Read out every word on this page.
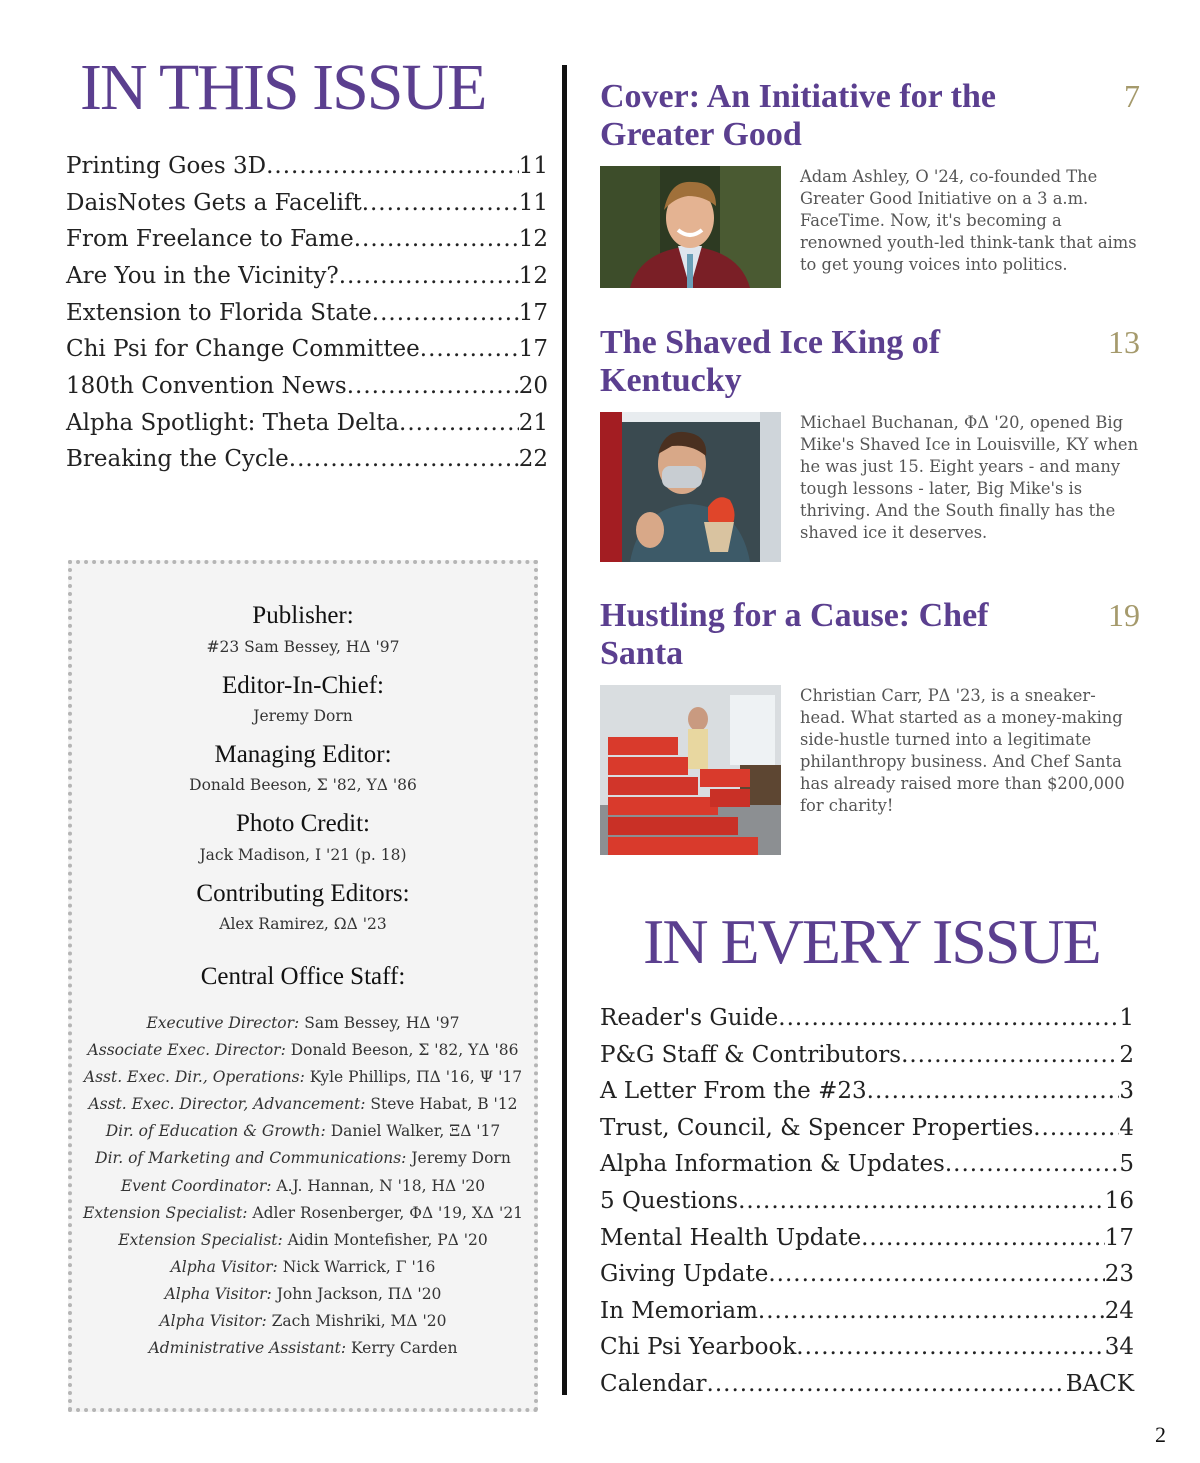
IN THIS ISSUE
Printing Goes 3D .....	11
DaisNotes Gets a Facelift .....	11
From Freelance to Fame .....	12
Are You in the Vicinity? .....	12
Extension to Florida State .....	17
Chi Psi for Change Committee .....	17
180th Convention News .....	20
Alpha Spotlight: Theta Delta .....	21
Breaking the Cycle .....	22
Publisher:
#23 Sam Bessey, HΔ '97
Editor-In-Chief:
Jeremy Dorn
Managing Editor:
Donald Beeson, Σ '82, YΔ '86
Photo Credit:
Jack Madison, I '21 (p. 18)
Contributing Editors:
Alex Ramirez, ΩΔ '23
Central Office Staff:
Executive Director: Sam Bessey, HΔ '97
Associate Exec. Director: Donald Beeson, Σ '82, YΔ '86
Asst. Exec. Dir., Operations: Kyle Phillips, ΠΔ '16, Ψ '17
Asst. Exec. Director, Advancement: Steve Habat, B '12
Dir. of Education & Growth: Daniel Walker, ΞΔ '17
Dir. of Marketing and Communications: Jeremy Dorn
Event Coordinator: A.J. Hannan, N '18, HΔ '20
Extension Specialist: Adler Rosenberger, ΦΔ '19, XΔ '21
Extension Specialist: Aidin Montefisher, PΔ '20
Alpha Visitor: Nick Warrick, Γ '16
Alpha Visitor: John Jackson, ΠΔ '20
Alpha Visitor: Zach Mishriki, MΔ '20
Administrative Assistant: Kerry Carden
Cover: An Initiative for the Greater Good
7
Adam Ashley, O '24, co-founded The Greater Good Initiative on a 3 a.m. FaceTime. Now, it's becoming a renowned youth-led think-tank that aims to get young voices into politics.
The Shaved Ice King of Kentucky
13
Michael Buchanan, ΦΔ '20, opened Big Mike's Shaved Ice in Louisville, KY when he was just 15. Eight years - and many tough lessons - later, Big Mike's is thriving. And the South finally has the shaved ice it deserves.
Hustling for a Cause: Chef Santa
19
Christian Carr, PΔ '23, is a sneaker-head. What started as a money-making side-hustle turned into a legitimate philanthropy business. And Chef Santa has already raised more than $200,000 for charity!
IN EVERY ISSUE
Reader's Guide .....	1
P&G Staff & Contributors .....	2
A Letter From the #23 .....	3
Trust, Council, & Spencer Properties .....	4
Alpha Information & Updates .....	5
5 Questions .....	16
Mental Health Update .....	17
Giving Update .....	23
In Memoriam .....	24
Chi Psi Yearbook .....	34
Calendar .....	BACK
2
